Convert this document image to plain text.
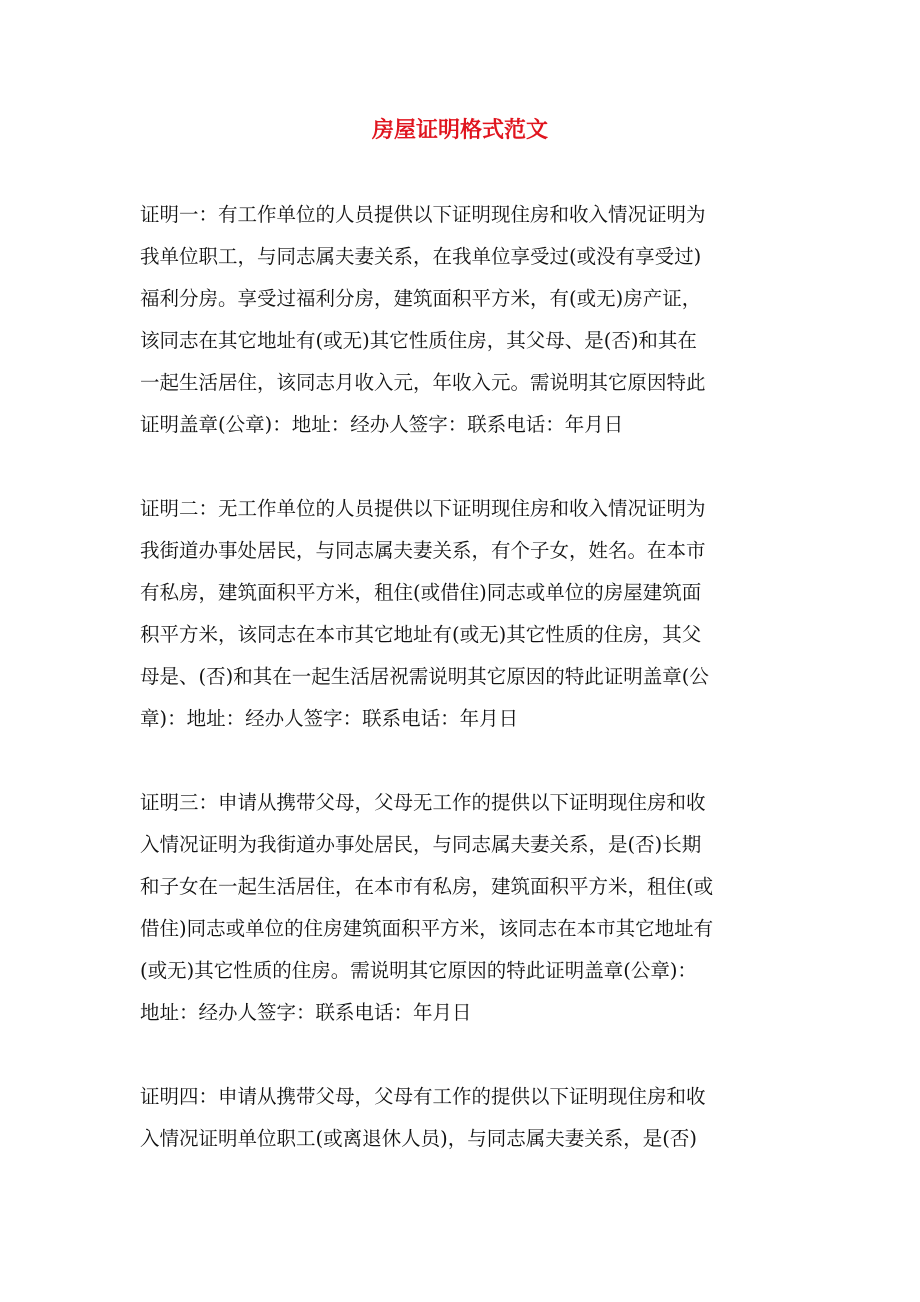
房屋证明格式范文
证明一：有工作单位的人员提供以下证明现住房和收入情况证明为
我单位职工，与同志属夫妻关系，在我单位享受过(或没有享受过)
福利分房。享受过福利分房，建筑面积平方米，有(或无)房产证，
该同志在其它地址有(或无)其它性质住房，其父母、是(否)和其在
一起生活居住，该同志月收入元，年收入元。需说明其它原因特此
证明盖章(公章)：地址：经办人签字：联系电话：年月日
证明二：无工作单位的人员提供以下证明现住房和收入情况证明为
我街道办事处居民，与同志属夫妻关系，有个子女，姓名。在本市
有私房，建筑面积平方米，租住(或借住)同志或单位的房屋建筑面
积平方米，该同志在本市其它地址有(或无)其它性质的住房，其父
母是、(否)和其在一起生活居祝需说明其它原因的特此证明盖章(公
章)：地址：经办人签字：联系电话：年月日
证明三：申请从携带父母，父母无工作的提供以下证明现住房和收
入情况证明为我街道办事处居民，与同志属夫妻关系，是(否)长期
和子女在一起生活居住，在本市有私房，建筑面积平方米，租住(或
借住)同志或单位的住房建筑面积平方米，该同志在本市其它地址有
(或无)其它性质的住房。需说明其它原因的特此证明盖章(公章)：
地址：经办人签字：联系电话：年月日
证明四：申请从携带父母，父母有工作的提供以下证明现住房和收
入情况证明单位职工(或离退休人员)，与同志属夫妻关系，是(否)
